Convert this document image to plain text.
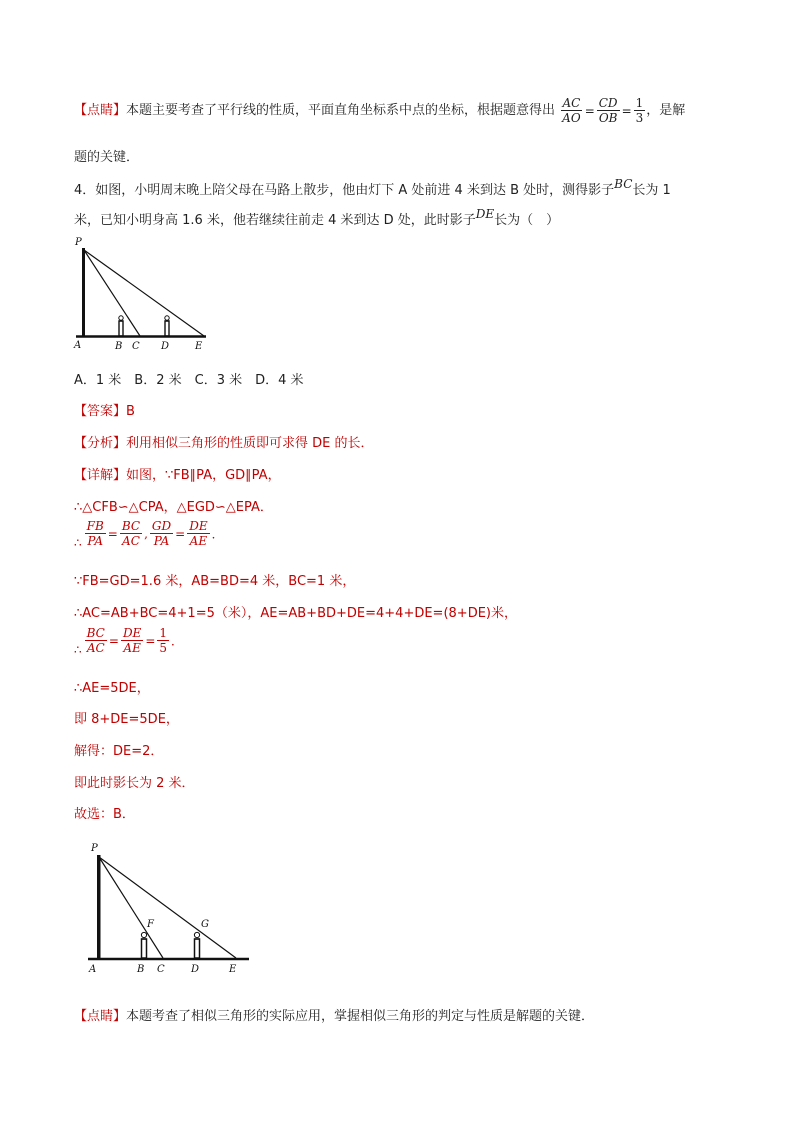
【点睛】本题主要考查了平行线的性质，平面直角坐标系中点的坐标，根据题意得出 $\frac{AC}{AO} = \frac{CD}{OB} = \frac{1}{3}$ ，是解
题的关键．
4．如图，小明周末晚上陪父母在马路上散步，他由灯下 A 处前进 4 米到达 B 处时，测得影子BC长为 1
米，已知小明身高 1.6 米，他若继续往前走 4 米到达 D 处，此时影子DE长为（　）
P
A	B C D	E
A．1 米　B．2 米　C．3 米　D．4 米
【答案】B
【分析】利用相似三角形的性质即可求得 DE 的长．
【详解】如图，∵FB∥PA，GD∥PA，
∴△CFB∽△CPA，△EGD∽△EPA．
∴ $\frac{FB}{PA} = \frac{BC}{AC}$ , $\frac{GD}{PA} = \frac{DE}{AE}$ ．
∵FB=GD=1.6 米，AB=BD=4 米，BC=1 米，
∴AC=AB+BC=4+1=5（米），AE=AB+BD+DE=4+4+DE=(8+DE)米，
∴ $\frac{BC}{AC} = \frac{DE}{AE} = \frac{1}{5}$ ．
∴AE=5DE，
即 8+DE=5DE，
解得：DE=2．
即此时影长为 2 米．
故选：B．
P
F	G
A	B C	D	E
【点睛】本题考查了相似三角形的实际应用，掌握相似三角形的判定与性质是解题的关键．
